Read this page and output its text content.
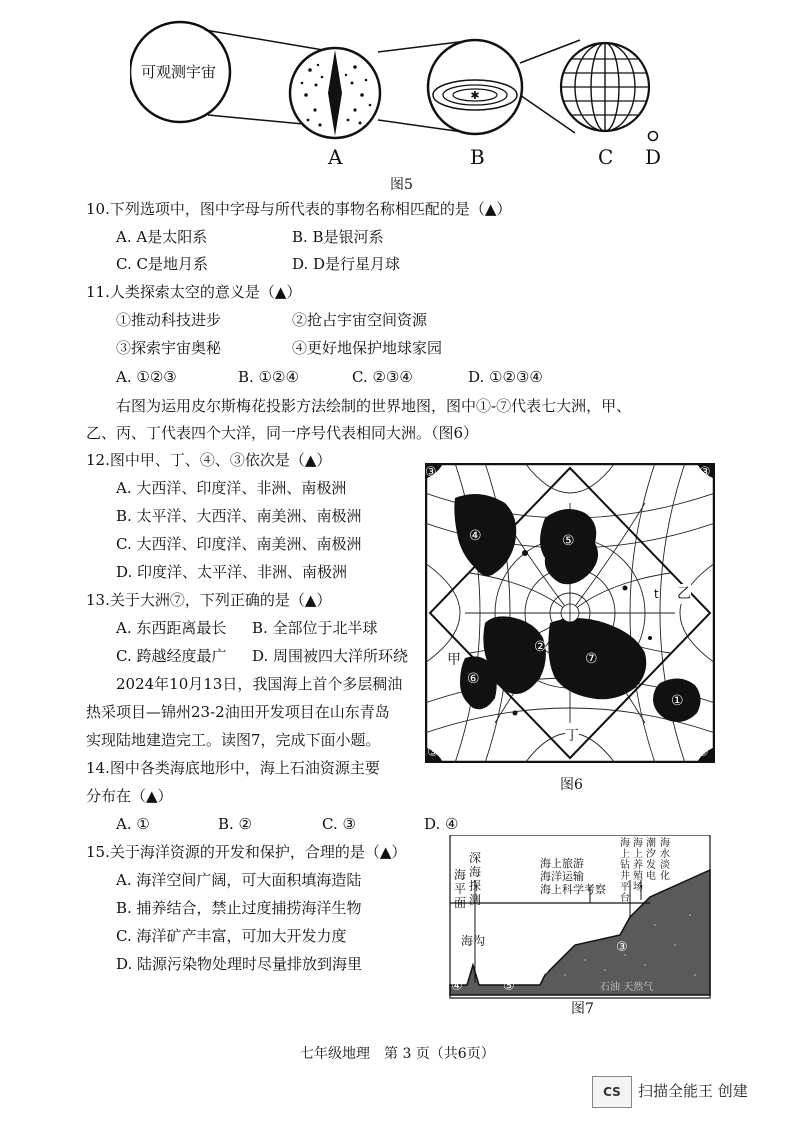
✱
可观测宇宙
A	B	C D
图5
10.下列选项中，图中字母与所代表的事物名称相匹配的是（▲）
A. A是太阳系	B. B是银河系
C. C是地月系	D. D是行星月球
11.人类探索太空的意义是（▲）
①推动科技进步	②抢占宇宙空间资源
③探索宇宙奥秘	④更好地保护地球家园
A. ①②③	B. ①②④	C. ②③④	D. ①②③④
右图为运用皮尔斯梅花投影方法绘制的世界地图，图中①-⑦代表七大洲，甲、
乙、丙、丁代表四个大洋，同一序号代表相同大洲。（图6）
12.图中甲、丁、④、③依次是（▲）
A. 大西洋、印度洋、非洲、南极洲
B. 太平洋、大西洋、南美洲、南极洲
C. 大西洋、印度洋、南美洲、南极洲
D. 印度洋、太平洋、非洲、南极洲
13.关于大洲⑦，下列正确的是（▲）
A. 东西距离最长 B. 全部位于北半球
C. 跨越经度最广 D. 周围被四大洋所环绕
2024年10月13日，我国海上首个多层稠油
热采项目—锦州23-2油田开发项目在山东青岛
实现陆地建造完工。读图7，完成下面小题。
14.图中各类海底地形中，海上石油资源主要
分布在（▲）
A. ①	B. ②	C. ③	D. ④
15.关于海洋资源的开发和保护，合理的是（▲）
A. 海洋空间广阔，可大面积填海造陆
B. 捕养结合，禁止过度捕捞海洋生物
C. 海洋矿产丰富，可加大开发力度
D. 陆源污染物处理时尽量排放到海里
④	⑤
②
⑦
⑥
①
③	③
③	③
甲
乙
丁
t
图6
深海探测
海平面
海沟
海上旅游
海洋运输
海上科学考察
海上钻井平台
海上养殖场
潮汐发电
海水淡化
④	⑤
②
③
石油 天然气
图7
七年级地理　第 3 页（共6页）
CS	扫描全能王 创建
